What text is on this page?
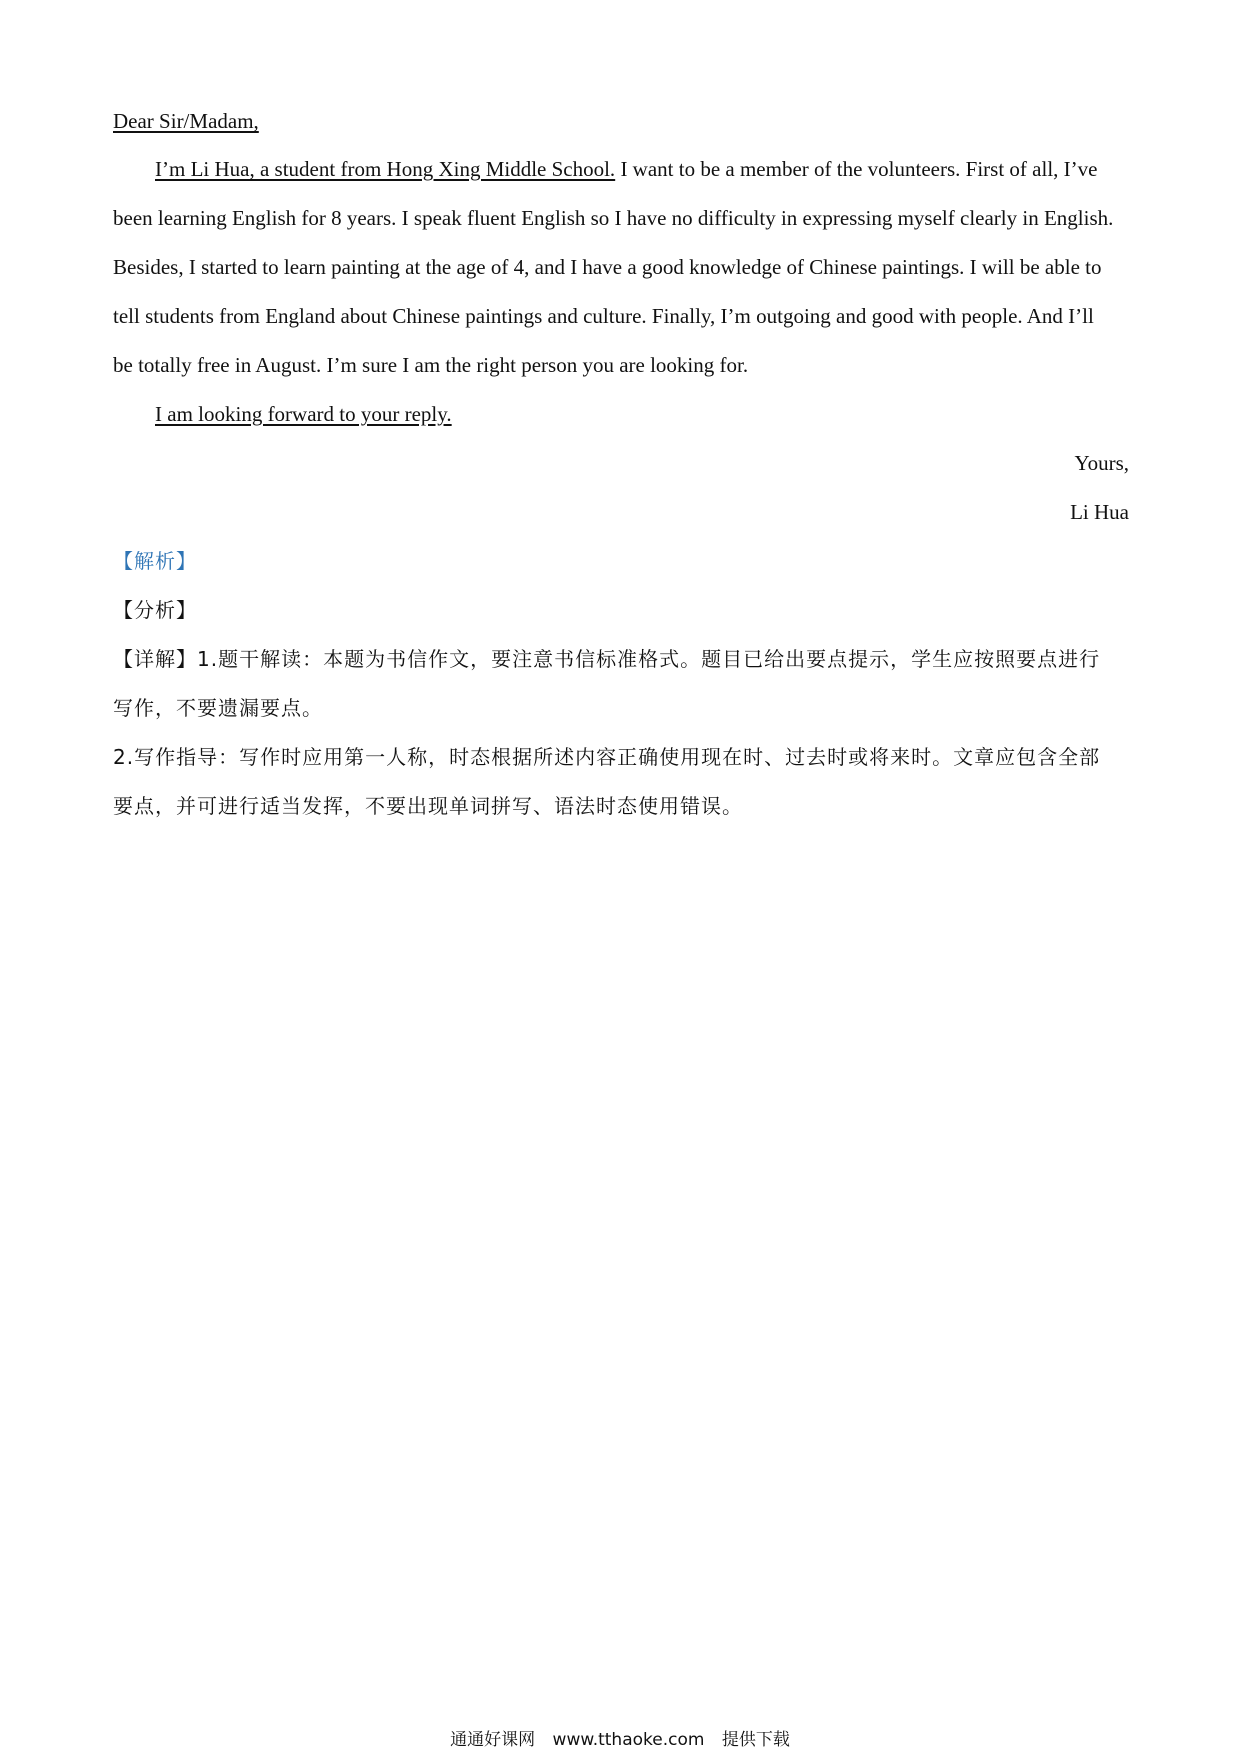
Dear Sir/Madam,
I’m Li Hua, a student from Hong Xing Middle School. I want to be a member of the volunteers. First of all, I’ve
been learning English for 8 years. I speak fluent English so I have no difficulty in expressing myself clearly in English.
Besides, I started to learn painting at the age of 4, and I have a good knowledge of Chinese paintings. I will be able to
tell students from England about Chinese paintings and culture. Finally, I’m outgoing and good with people. And I’ll
be totally free in August. I’m sure I am the right person you are looking for.
I am looking forward to your reply.
Yours,
Li Hua
【解析】
【分析】
【详解】1.题干解读：本题为书信作文，要注意书信标准格式。题目已给出要点提示，学生应按照要点进行
写作，不要遗漏要点。
2.写作指导：写作时应用第一人称，时态根据所述内容正确使用现在时、过去时或将来时。文章应包含全部
要点，并可进行适当发挥，不要出现单词拼写、语法时态使用错误。
通通好课网 www.tthaoke.com 提供下载
